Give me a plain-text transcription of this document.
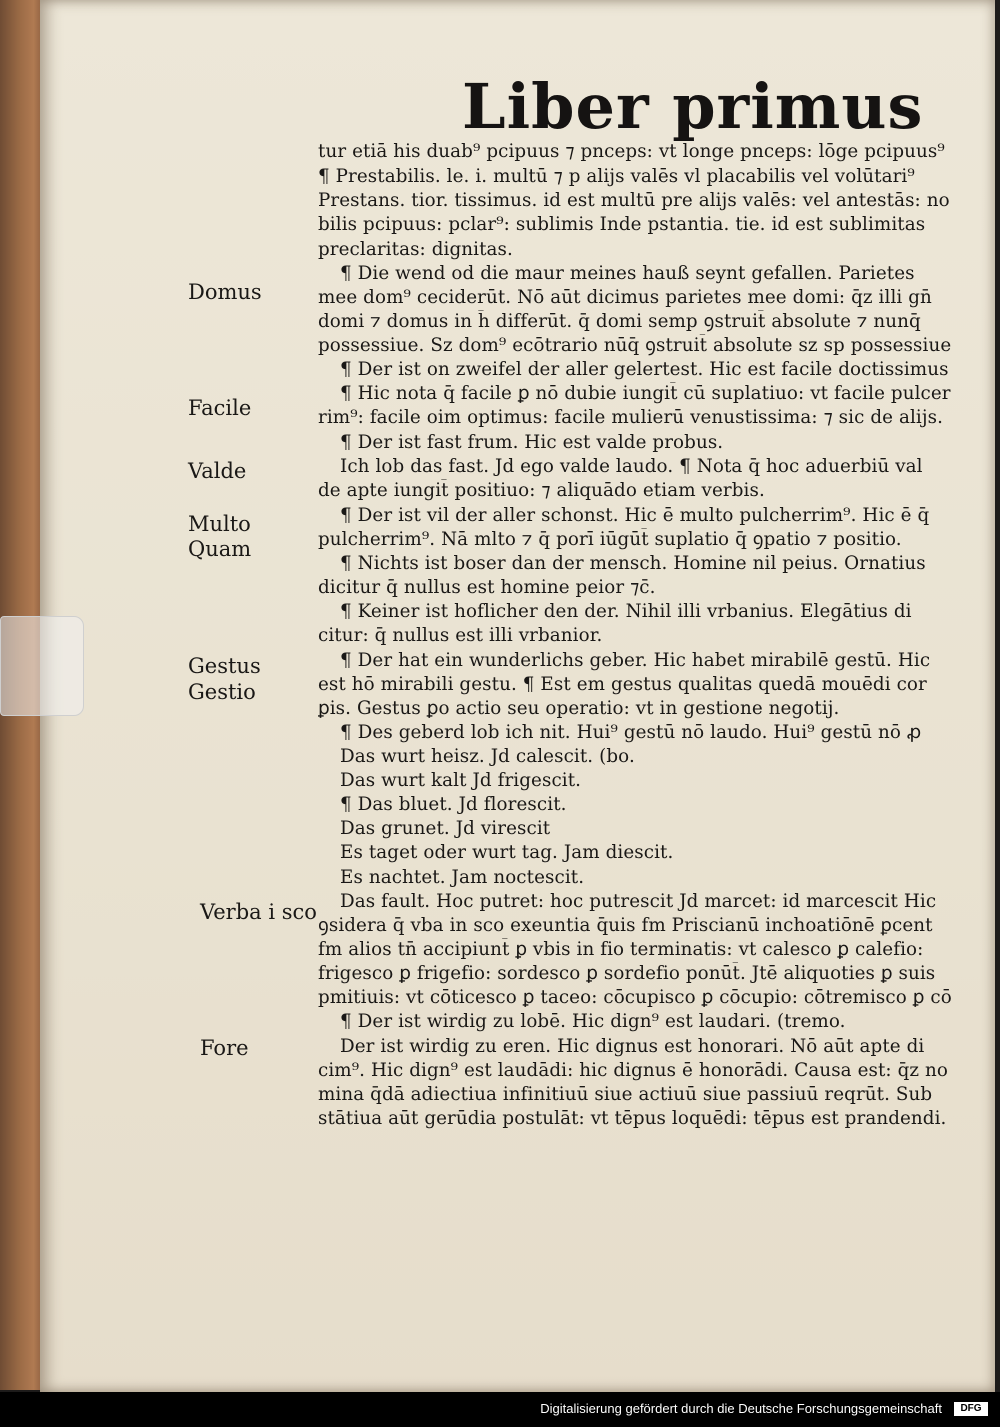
Liber primus
Domus
Facile
Valde
Multo
Quam
Gestus
Gestio
Verba i sco
Fore
tur etiā his duab⁹ pcipuus ⁊ pnceps: vt longe pnceps: lōge pcipuus⁹
¶ Prestabilis. le. i. multū ⁊ p alijs valēs vl placabilis vel volūtari⁹
Prestans. tior. tissimus. id est multū pre alijs valēs: vel antestās: no
bilis pcipuus: pclar⁹: sublimis Inde pstantia. tie. id est sublimitas
preclaritas: dignitas.
¶ Die wend od die maur meines hauß seynt gefallen. Parietes
mee dom⁹ ceciderūt. Nō aūt dicimus parietes mee domi: q̄z illi gn̄
domi ⁊ domus in h̄ differūt. q̄ domi semp ꝯstruit̄ absolute ⁊ nunq̄
possessiue. Sz dom⁹ ecōtrario nūq̄ ꝯstruit̄ absolute sz sp possessiue
¶ Der ist on zweifel der aller gelertest. Hic est facile doctissimus
¶ Hic nota q̄ facile ꝑ nō dubie iungit̄ cū suplatiuo: vt facile pulcer
rim⁹: facile oim optimus: facile mulierū venustissima: ⁊ sic de alijs.
¶ Der ist fast frum. Hic est valde probus.
Ich lob das fast. Jd ego valde laudo. ¶ Nota q̄ hoc aduerbiū val
de apte iungit̄ positiuo: ⁊ aliquādo etiam verbis.
¶ Der ist vil der aller schonst. Hic ē multo pulcherrim⁹. Hic ē q̄
pulcherrim⁹. Nā mlto ⁊ q̄ porī iūgūt̄ suplatio q̄ ꝯpatio ⁊ positio.
¶ Nichts ist boser dan der mensch. Homine nil peius. Ornatius
dicitur q̄ nullus est homine peior ⁊c̄.
¶ Keiner ist hoflicher den der. Nihil illi vrbanius. Elegātius di
citur: q̄ nullus est illi vrbanior.
¶ Der hat ein wunderlichs geber. Hic habet mirabilē gestū. Hic
est hō mirabili gestu. ¶ Est em gestus qualitas quedā mouēdi cor
ꝑis. Gestus ꝑo actio seu operatio: vt in gestione negotij.
¶ Des geberd lob ich nit. Hui⁹ gestū nō laudo. Hui⁹ gestū nō ꝓ
Das wurt heisz. Jd calescit. (bo.
Das wurt kalt Jd frigescit.
¶ Das bluet. Jd florescit.
Das grunet. Jd virescit
Es taget oder wurt tag. Jam diescit.
Es nachtet. Jam noctescit.
Das fault. Hoc putret: hoc putrescit Jd marcet: id marcescit Hic
ꝯsidera q̄ vba in sco exeuntia q̄uis fm Priscianū inchoatiōnē ꝑcent
fm alios tn̄ accipiunt̄ ꝑ vbis in fio terminatis: vt calesco ꝑ calefio:
frigesco ꝑ frigefio: sordesco ꝑ sordefio ponūt̄. Jtē aliquoties ꝑ suis
pmitiuis: vt cōticesco ꝑ taceo: cōcupisco ꝑ cōcupio: cōtremisco ꝑ cō
¶ Der ist wirdig zu lobē. Hic dign⁹ est laudari. (tremo.
Der ist wirdig zu eren. Hic dignus est honorari. Nō aūt apte di
cim⁹. Hic dign⁹ est laudādi: hic dignus ē honorādi. Causa est: q̄z no
mina q̄dā adiectiua infinitiuū siue actiuū siue passiuū reqrūt. Sub
stātiua aūt gerūdia postulāt: vt tēpus loquēdi: tēpus est prandendi.
Digitalisierung gefördert durch die Deutsche Forschungsgemeinschaft	DFG
